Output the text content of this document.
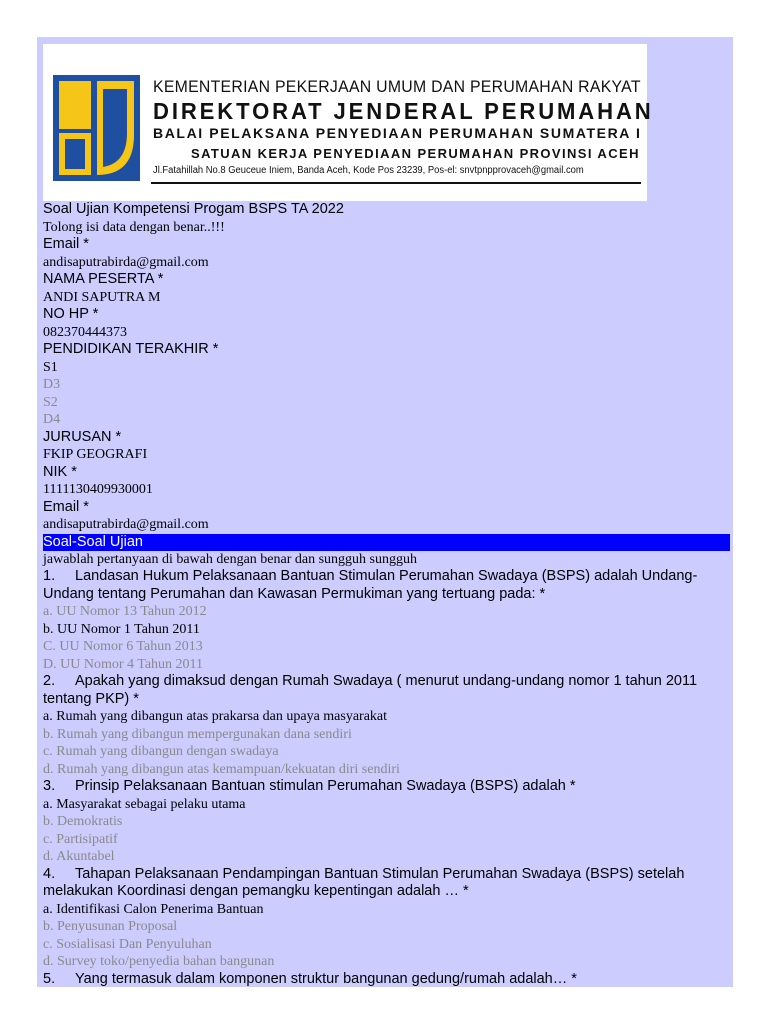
KEMENTERIAN PEKERJAAN UMUM DAN PERUMAHAN RAKYAT
DIREKTORAT JENDERAL PERUMAHAN
BALAI PELAKSANA PENYEDIAAN PERUMAHAN SUMATERA I
SATUAN KERJA PENYEDIAAN PERUMAHAN PROVINSI ACEH
Jl.Fatahillah No.8 Geuceue Iniem, Banda Aceh, Kode Pos 23239, Pos-el: snvtpnpprovaceh@gmail.com
Soal Ujian Kompetensi Progam BSPS TA 2022
Tolong isi data dengan benar..!!!
Email *
andisaputrabirda@gmail.com
NAMA PESERTA *
ANDI SAPUTRA M
NO HP *
082370444373
PENDIDIKAN TERAKHIR *
S1
D3
S2
D4
JURUSAN *
FKIP GEOGRAFI
NIK *
1111130409930001
Email *
andisaputrabirda@gmail.com
Soal-Soal Ujian
jawablah pertanyaan di bawah dengan benar dan sungguh sungguh
1. Landasan Hukum Pelaksanaan Bantuan Stimulan Perumahan Swadaya (BSPS) adalah Undang-Undang tentang Perumahan dan Kawasan Permukiman yang tertuang pada: *
a. UU Nomor 13 Tahun 2012
b. UU Nomor 1 Tahun 2011
C. UU Nomor 6 Tahun 2013
D. UU Nomor 4 Tahun 2011
2. Apakah yang dimaksud dengan Rumah Swadaya ( menurut undang-undang nomor 1 tahun 2011 tentang PKP) *
a. Rumah yang dibangun atas prakarsa dan upaya masyarakat
b. Rumah yang dibangun mempergunakan dana sendiri
c. Rumah yang dibangun dengan swadaya
d. Rumah yang dibangun atas kemampuan/kekuatan diri sendiri
3. Prinsip Pelaksanaan Bantuan stimulan Perumahan Swadaya (BSPS) adalah *
a. Masyarakat sebagai pelaku utama
b. Demokratis
c. Partisipatif
d. Akuntabel
4. Tahapan Pelaksanaan Pendampingan Bantuan Stimulan Perumahan Swadaya (BSPS) setelah melakukan Koordinasi dengan pemangku kepentingan adalah … *
a. Identifikasi Calon Penerima Bantuan
b. Penyusunan Proposal
c. Sosialisasi Dan Penyuluhan
d. Survey toko/penyedia bahan bangunan
5. Yang termasuk dalam komponen struktur bangunan gedung/rumah adalah… *
